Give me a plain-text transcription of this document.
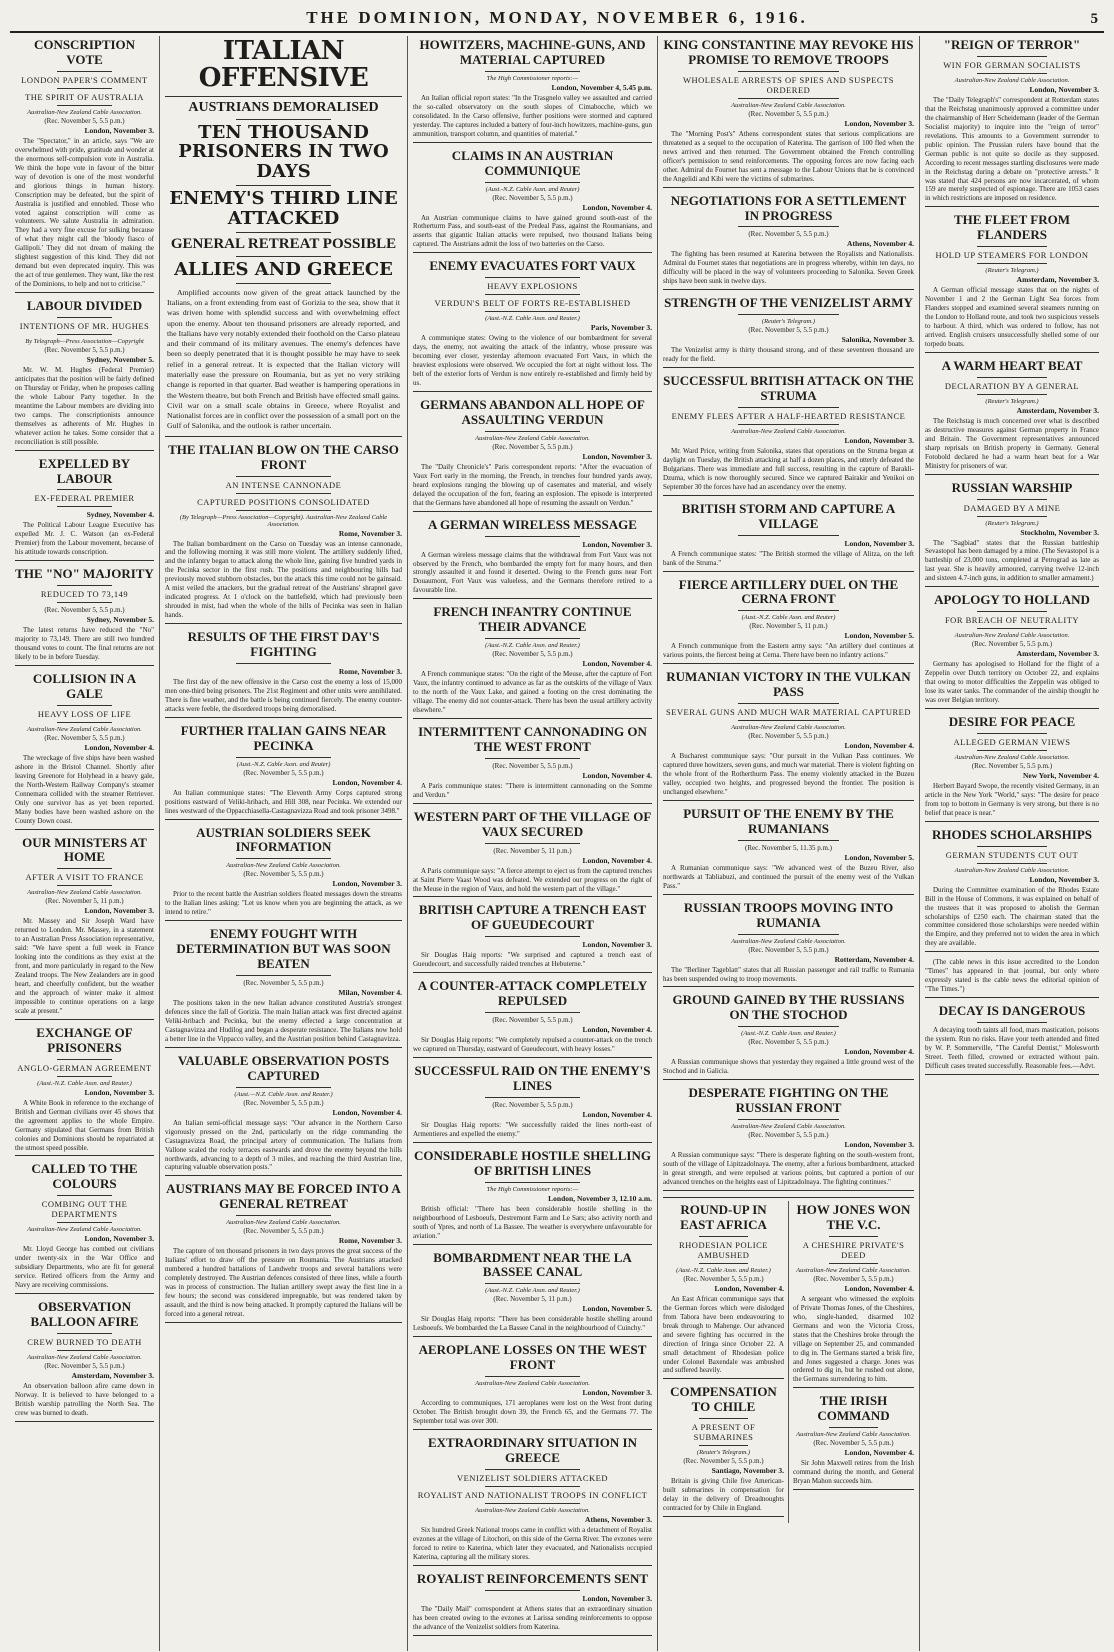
THE DOMINION, MONDAY, NOVEMBER 6, 1916.	5
CONSCRIPTION VOTE
LONDON PAPER'S COMMENT
THE SPIRIT OF AUSTRALIA
Australian-New Zealand Cable Association.
(Rec. November 5, 5.5 p.m.)
London, November 3.
The "Spectator," in an article, says "We are overwhelmed with pride, gratitude and wonder at the enormous self-compulsion vote in Australia. We think the hope vote in favour of the bitter way of devotion is one of the most wonderful and glorious things in human history. Conscription may be defeated, but the spirit of Australia is justified and ennobled. Those who voted against conscription will come as volunteers. We salute Australia in admiration. They had a very fine excuse for sulking because of what they might call the 'bloody fiasco of Gallipoli.' They did not dream of making the slightest suggestion of this kind. They did not demand but even deprecated inquiry. This was the act of true gentlemen. They want, like the rest of the Dominions, to help and not to criticise."
LABOUR DIVIDED
INTENTIONS OF MR. HUGHES
By Telegraph—Press Association—Copyright
(Rec. November 5, 5.5 p.m.)
Sydney, November 5.
Mr. W. M. Hughes (Federal Premier) anticipates that the position will be fairly defined on Thursday or Friday, when he proposes calling the whole Labour Party together. In the meantime the Labour members are dividing into two camps. The conscriptionists announce themselves as adherents of Mr. Hughes in whatever action he takes. Some consider that a reconciliation is still possible.
EXPELLED BY LABOUR
EX-FEDERAL PREMIER
Sydney, November 4.
The Political Labour League Executive has expelled Mr. J. C. Watson (an ex-Federal Premier) from the Labour movement, because of his attitude towards conscription.
THE "NO" MAJORITY
REDUCED TO 73,149
(Rec. November 5, 5.5 p.m.)
Sydney, November 5.
The latest returns have reduced the "No" majority to 73,149. There are still two hundred thousand votes to count. The final returns are not likely to be in before Tuesday.
COLLISION IN A GALE
HEAVY LOSS OF LIFE
Australian-New Zealand Cable Association.
(Rec. November 5, 5.5 p.m.)
London, November 4.
The wreckage of five ships have been washed ashore in the Bristol Channel. Shortly after leaving Greenore for Holyhead in a heavy gale, the North-Western Railway Company's steamer Connemara collided with the steamer Retriever. Only one survivor has as yet been reported. Many bodies have been washed ashore on the County Down coast.
OUR MINISTERS AT HOME
AFTER A VISIT TO FRANCE
Australian-New Zealand Cable Association.
(Rec. November 5, 11 p.m.)
London, November 3.
Mr. Massey and Sir Joseph Ward have returned to London. Mr. Massey, in a statement to an Australian Press Association representative, said: "We have spent a full week in France looking into the conditions as they exist at the front, and more particularly in regard to the New Zealand troops. The New Zealanders are in good heart, and cheerfully confident, but the weather and the approach of winter make it almost impossible to continue operations on a large scale at present."
EXCHANGE OF PRISONERS
ANGLO-GERMAN AGREEMENT
(Aust.-N.Z. Cable Assn. and Reuter.)
London, November 3.
A White Book in reference to the exchange of British and German civilians over 45 shows that the agreement applies to the whole Empire. Germany stipulated that Germans from British colonies and Dominions should be repatriated at the utmost speed possible.
CALLED TO THE COLOURS
COMBING OUT THE DEPARTMENTS
Australian-New Zealand Cable Association.
London, November 3.
Mr. Lloyd George has combed out civilians under twenty-six in the War Office and subsidiary Departments, who are fit for general service. Retired officers from the Army and Navy are receiving commissions.
OBSERVATION BALLOON AFIRE
CREW BURNED TO DEATH
Australian-New Zealand Cable Association.
(Rec. November 5, 5.5 p.m.)
Amsterdam, November 3.
An observation balloon afire came down in Norway. It is believed to have belonged to a British warship patrolling the North Sea. The crew was burned to death.
ITALIAN OFFENSIVE
AUSTRIANS DEMORALISED
TEN THOUSAND PRISONERS IN TWO DAYS
ENEMY'S THIRD LINE ATTACKED
GENERAL RETREAT POSSIBLE
ALLIES AND GREECE
Amplified accounts now given of the great attack launched by the Italians, on a front extending from east of Gorizia to the sea, show that it was driven home with splendid success and with overwhelming effect upon the enemy. About ten thousand prisoners are already reported, and the Italians have very notably extended their foothold on the Carso plateau and their command of its military avenues. The enemy's defences have been so deeply penetrated that it is thought possible he may have to seek relief in a general retreat. It is expected that the Italian victory will materially ease the pressure on Roumania, but as yet no very striking change is reported in that quarter. Bad weather is hampering operations in the Western theatre, but both French and British have effected small gains. Civil war on a small scale obtains in Greece, where Royalist and Nationalist forces are in conflict over the possession of a small port on the Gulf of Salonika, and the outlook is rather uncertain.
THE ITALIAN BLOW ON THE CARSO FRONT
AN INTENSE CANNONADE
CAPTURED POSITIONS CONSOLIDATED
(By Telegraph—Press Association—Copyright). Australian-New Zealand Cable Association.
Rome, November 3.
The Italian bombardment on the Carso on Tuesday was an intense cannonade, and the following morning it was still more violent. The artillery suddenly lifted, and the infantry began to attack along the whole line, gaining five hundred yards in the Pecinka sector in the first rush. The positions and neighbouring hills had previously moved stubborn obstacles, but the attack this time could not be gainsaid. A mist veiled the attackers, but the gradual retreat of the Austrians' shrapnel gave indicated progress. At 1 o'clock on the battlefield, which had previously been shrouded in mist, had when the whole of the hills of Pecinka was seen in Italian hands.
RESULTS OF THE FIRST DAY'S FIGHTING
Rome, November 3.
The first day of the new offensive in the Carso cost the enemy a loss of 15,000 men one-third being prisoners. The 21st Regiment and other units were annihilated. There is fine weather, and the battle is being continued fiercely. The enemy counter-attacks were feeble, the disordered troops being demoralised.
FURTHER ITALIAN GAINS NEAR PECINKA
(Aust.-N.Z. Cable Assn. and Reuter)
(Rec. November 5, 5.5 p.m.)
London, November 4.
An Italian communique states: "The Eleventh Army Corps captured strong positions eastward of Veliki-hribach, and Hill 308, near Pecinka. We extended our lines westward of the Oppacchiasella-Castagnavizza Road and took prisoner 3498."
AUSTRIAN SOLDIERS SEEK INFORMATION
Australian-New Zealand Cable Association.
(Rec. November 5, 5.5 p.m.)
London, November 3.
Prior to the recent battle the Austrian soldiers floated messages down the streams to the Italian lines asking: "Let us know when you are beginning the attack, as we intend to retire."
ENEMY FOUGHT WITH DETERMINATION BUT WAS SOON BEATEN
(Rec. November 5, 5.5 p.m.)
Milan, November 4.
The positions taken in the new Italian advance constituted Austria's strongest defences since the fall of Gorizia. The main Italian attack was first directed against Veliki-hribach and Pecinka, but the enemy effected a large concentration at Castagnavizza and Hudilog and began a desperate resistance. The Italians now hold a better line in the Vippacco valley, and the Austrian position behind Castagnavizza.
VALUABLE OBSERVATION POSTS CAPTURED
(Aust.—N.Z. Cable Assn. and Reuter.)
(Rec. November 5, 5.5 p.m.)
London, November 4.
An Italian semi-official message says: "Our advance in the Northern Carso vigorously pressed on the 2nd, particularly on the ridge commanding the Castagnavizza Road, the principal artery of communication. The Italians from Vallone scaled the rocky terraces eastwards and drove the enemy beyond the hills northwards, advancing to a depth of 3 miles, and reaching the third Austrian line, capturing valuable observation posts."
AUSTRIANS MAY BE FORCED INTO A GENERAL RETREAT
Australian-New Zealand Cable Association.
(Rec. November 5, 5.5 p.m.)
Rome, November 3.
The capture of ten thousand prisoners in two days proves the great success of the Italians' effort to draw off the pressure on Roumania. The Austrians attacked numbered a hundred battalions of Landwehr troops and several battalions were completely destroyed. The Austrian defences consisted of three lines, while a fourth was in process of construction. The Italian artillery swept away the first line in a few hours; the second was considered impregnable, but was rendered taken by assault, and the third is now being attacked. It promptly captured the Italians will be forced into a general retreat.
HOWITZERS, MACHINE-GUNS, AND MATERIAL CAPTURED
The High Commissioner reports:—
London, November 4, 5.45 p.m.
An Italian official report states: "In the Trasgnelo valley we assaulted and carried the so-called observatory on the south slopes of Cimabocche, which we consolidated. In the Carso offensive, further positions were stormed and captured yesterday. The captures included a battery of four-inch howitzers, machine-guns, gun ammunition, transport column, and quantities of material."
CLAIMS IN AN AUSTRIAN COMMUNIQUE
(Aust.-N.Z. Cable Assn. and Reuter)
(Rec. November 5, 5.5 p.m.)
London, November 4.
An Austrian communique claims to have gained ground south-east of the Rotherturm Pass, and south-east of the Predeal Pass, against the Roumanians, and asserts that gigantic Italian attacks were repulsed, two thousand Italians being captured. The Austrians admit the loss of two batteries on the Carso.
ENEMY EVACUATES FORT VAUX
HEAVY EXPLOSIONS
VERDUN'S BELT OF FORTS RE-ESTABLISHED
(Aust.-N.Z. Cable Assn. and Reuter.)
Paris, November 3.
A communique states: Owing to the violence of our bombardment for several days, the enemy, not awaiting the attack of the infantry, whose pressure was becoming ever closer, yesterday afternoon evacuated Fort Vaux, in which the heaviest explosions were observed. We occupied the fort at night without loss. The belt of the exterior forts of Verdun is now entirely re-established and firmly held by us.
GERMANS ABANDON ALL HOPE OF ASSAULTING VERDUN
Australian-New Zealand Cable Association.
(Rec. November 5, 5.5 p.m.)
London, November 3.
The "Daily Chronicle's" Paris correspondent reports: "After the evacuation of Vaux Fort early in the morning, the French, in trenches four hundred yards away, heard explosions ranging the blowing up of casemates and material, and wisely delayed the occupation of the fort, fearing an explosion. The episode is interpreted that the Germans have abandoned all hope of resuming the assault on Verdun."
A GERMAN WIRELESS MESSAGE
London, November 3.
A German wireless message claims that the withdrawal from Fort Vaux was not observed by the French, who bombarded the empty fort for many hours, and then strongly assaulted it and found it deserted. Owing to the French guns near Fort Douaumont, Fort Vaux was valueless, and the Germans therefore retired to a favourable line.
FRENCH INFANTRY CONTINUE THEIR ADVANCE
(Aust.-N.Z. Cable Assn. and Reuter.)
(Rec. November 5, 5.5 p.m.)
London, November 4.
A French communique states: "On the right of the Meuse, after the capture of Fort Vaux, the infantry continued to advance as far as the outskirts of the village of Vaux to the north of the Vaux Lake, and gained a footing on the crest dominating the village. The enemy did not counter-attack. There has been the usual artillery activity elsewhere."
INTERMITTENT CANNONADING ON THE WEST FRONT
(Rec. November 5, 5.5 p.m.)
London, November 4.
A Paris communique states: "There is intermittent cannonading on the Somme and Verdun."
WESTERN PART OF THE VILLAGE OF VAUX SECURED
(Rec. November 5, 11 p.m.)
London, November 4.
A Paris communique says: "A fierce attempt to eject us from the captured trenches at Saint Pierre Vaast Wood was defeated. We extended our progress on the right of the Meuse in the region of Vaux, and hold the western part of the village."
BRITISH CAPTURE A TRENCH EAST OF GUEUDECOURT
London, November 3.
Sir Douglas Haig reports: "We surprised and captured a trench east of Gueudecourt, and successfully raided trenches at Hebuterne."
A COUNTER-ATTACK COMPLETELY REPULSED
(Rec. November 5, 5.5 p.m.)
London, November 4.
Sir Douglas Haig reports: "We completely repulsed a counter-attack on the trench we captured on Thursday, eastward of Gueudecourt, with heavy losses."
SUCCESSFUL RAID ON THE ENEMY'S LINES
(Rec. November 5, 5.5 p.m.)
London, November 4.
Sir Douglas Haig reports: "We successfully raided the lines north-east of Armentieres and expelled the enemy."
CONSIDERABLE HOSTILE SHELLING OF BRITISH LINES
The High Commissioner reports:—
London, November 3, 12.10 a.m.
British official: "There has been considerable hostile shelling in the neighbourhood of Lesboeufs, Destremont Farm and Le Sars; also activity north and south of Ypres, and north of La Bassee. The weather is everywhere unfavourable for aviation."
BOMBARDMENT NEAR THE LA BASSEE CANAL
(Aust.-N.Z. Cable Assn. and Reuter.)
(Rec. November 5, 11 p.m.)
London, November 5.
Sir Douglas Haig reports: "There has been considerable hostile shelling around Lesboeufs. We bombarded the La Bassee Canal in the neighbourhood of Cuinchy."
AEROPLANE LOSSES ON THE WEST FRONT
Australian-New Zealand Cable Association.
London, November 3.
According to communiques, 171 aeroplanes were lost on the West front during October. The British brought down 39, the French 65, and the Germans 77. The September total was over 300.
EXTRAORDINARY SITUATION IN GREECE
VENIZELIST SOLDIERS ATTACKED
ROYALIST AND NATIONALIST TROOPS IN CONFLICT
Australian-New Zealand Cable Association.
Athens, November 3.
Six hundred Greek National troops came in conflict with a detachment of Royalist evzones at the village of Litochori, on this side of the Gerna River. The evzones were forced to retire to Katerina, which later they evacuated, and Nationalists occupied Katerina, capturing all the military stores.
ROYALIST REINFORCEMENTS SENT
London, November 3.
The "Daily Mail" correspondent at Athens states that an extraordinary situation has been created owing to the evzones at Larissa sending reinforcements to oppose the advance of the Venizelist soldiers from Katerina.
KING CONSTANTINE MAY REVOKE HIS PROMISE TO REMOVE TROOPS
WHOLESALE ARRESTS OF SPIES AND SUSPECTS ORDERED
Australian-New Zealand Cable Association.
(Rec. November 5, 5.5 p.m.)
London, November 3.
The "Morning Post's" Athens correspondent states that serious complications are threatened as a sequel to the occupation of Katerina. The garrison of 100 fled when the news arrived and then returned. The Government obtained the French controlling officer's permission to send reinforcements. The opposing forces are now facing each other. Admiral du Fournet has sent a message to the Labour Unions that he is convinced the Angelidi and Kibi were the victims of submarines.
NEGOTIATIONS FOR A SETTLEMENT IN PROGRESS
(Rec. November 5, 5.5 p.m.)
Athens, November 4.
The fighting has been resumed at Katerina between the Royalists and Nationalists. Admiral du Fournet states that negotiations are in progress whereby, within ten days, no difficulty will be placed in the way of volunteers proceeding to Salonika. Seven Greek ships have been sunk in twelve days.
STRENGTH OF THE VENIZELIST ARMY
(Reuter's Telegram.)
(Rec. November 5, 5.5 p.m.)
Salonika, November 3.
The Venizelist army is thirty thousand strong, and of these seventeen thousand are ready for the field.
SUCCESSFUL BRITISH ATTACK ON THE STRUMA
ENEMY FLEES AFTER A HALF-HEARTED RESISTANCE
Australian-New Zealand Cable Association.
London, November 3.
Mr. Ward Price, writing from Salonika, states that operations on the Struma began at daylight on Tuesday, the British attacking at half a dozen places, and utterly defeated the Bulgarians. There was immediate and full success, resulting in the capture of Barakli-Dzuma, which is now thoroughly secured. Since we captured Bairakir and Yenikoi on September 30 the forces have had an ascendancy over the enemy.
BRITISH STORM AND CAPTURE A VILLAGE
London, November 3.
A French communique states: "The British stormed the village of Alitza, on the left bank of the Struma."
FIERCE ARTILLERY DUEL ON THE CERNA FRONT
(Aust.-N.Z. Cable Assn. and Reuter)
(Rec. November 5, 11 p.m.)
London, November 5.
A French communique from the Eastern army says: "An artillery duel continues at various points, the fiercest being at Cerna. There have been no infantry actions."
RUMANIAN VICTORY IN THE VULKAN PASS
SEVERAL GUNS AND MUCH WAR MATERIAL CAPTURED
Australian-New Zealand Cable Association.
(Rec. November 5, 5.5 p.m.)
London, November 4.
A Bucharest communique says: "Our pursuit in the Vulkan Pass continues. We captured three howitzers, seven guns, and much war material. There is violent fighting on the whole front of the Rotherthurm Pass. The enemy violently attacked in the Buzeu valley, occupied two heights, and progressed beyond the frontier. The position is unchanged elsewhere."
PURSUIT OF THE ENEMY BY THE RUMANIANS
(Rec. November 5, 11.35 p.m.)
London, November 5.
A Rumanian communique says: "We advanced west of the Buzeu River, also northwards at Tabliabuzi, and continued the pursuit of the enemy west of the Vulkan Pass."
RUSSIAN TROOPS MOVING INTO RUMANIA
Australian-New Zealand Cable Association.
(Rec. November 5, 5.5 p.m.)
Rotterdam, November 4.
The "Berliner Tageblatt" states that all Russian passenger and rail traffic to Rumania has been suspended owing to troop movements.
GROUND GAINED BY THE RUSSIANS ON THE STOCHOD
(Aust.-N.Z. Cable Assn. and Reuter.)
(Rec. November 5, 5.5 p.m.)
London, November 4.
A Russian communique shows that yesterday they regained a little ground west of the Stochod and in Galicia.
DESPERATE FIGHTING ON THE RUSSIAN FRONT
Australian-New Zealand Cable Association.
(Rec. November 5, 5.5 p.m.)
London, November 3.
A Russian communique says: "There is desperate fighting on the south-western front, south of the village of Lipitzadolnaya. The enemy, after a furious bombardment, attacked in great strength, and were repulsed at various points, but captured a portion of our advanced trenches on the heights east of Lipitzadolnaya. The fighting continues."
ROUND-UP IN EAST AFRICA
RHODESIAN POLICE AMBUSHED
(Aust.-N.Z. Cable Assn. and Reuter.)
(Rec. November 5, 5.5 p.m.)
London, November 4.
An East African communique says that the German forces which were dislodged from Tabora have been endeavouring to break through to Mahenge. Our advanced and severe fighting has occurred in the direction of Iringa since October 22. A small detachment of Rhodesian police under Colonel Baxendale was ambushed and suffered heavily.
COMPENSATION TO CHILE
A PRESENT OF SUBMARINES
(Reuter's Telegram.)
(Rec. November 5, 5.5 p.m.)
Santiago, November 3.
Britain is giving Chile five American-built submarines in compensation for delay in the delivery of Dreadnoughts contracted for by Chile in England.
HOW JONES WON THE V.C.
A CHESHIRE PRIVATE'S DEED
Australian-New Zealand Cable Association.
(Rec. November 5, 5.5 p.m.)
London, November 4.
A sergeant who witnessed the exploits of Private Thomas Jones, of the Cheshires, who, single-handed, disarmed 102 Germans and won the Victoria Cross, states that the Cheshires broke through the village on September 25, and commanded to dig in. The Germans started a brisk fire, and Jones suggested a charge. Jones was ordered to dig in, but he rushed out alone, the Germans surrendering to him.
THE IRISH COMMAND
Australian-New Zealand Cable Association.
(Rec. November 5, 5.5 p.m.)
London, November 4.
Sir John Maxwell retires from the Irish command during the month, and General Bryan Mahon succeeds him.
"REIGN OF TERROR"
WIN FOR GERMAN SOCIALISTS
Australian-New Zealand Cable Association.
London, November 3.
The "Daily Telegraph's" correspondent at Rotterdam states that the Reichstag unanimously approved a committee under the chairmanship of Herr Scheidemann (leader of the German Socialist majority) to inquire into the "reign of terror" revelations. This amounts to a Government surrender to public opinion. The Prussian rulers have bound that the German public is not quite so docile as they supposed. According to recent messages startling disclosures were made in the Reichstag during a debate on "protective arrests." It was stated that 424 persons are now incarcerated, of whom 159 are merely suspected of espionage. There are 1053 cases in which restrictions are imposed on residence.
THE FLEET FROM FLANDERS
HOLD UP STEAMERS FOR LONDON
(Reuter's Telegram.)
Amsterdam, November 3.
A German official message states that on the nights of November 1 and 2 the German Light Sea forces from Flanders stopped and examined several steamers running on the London to Holland route, and took two suspicious vessels to harbour. A third, which was ordered to follow, has not arrived. English cruisers unsuccessfully shelled some of our torpedo boats.
A WARM HEART BEAT
DECLARATION BY A GENERAL
(Reuter's Telegram.)
Amsterdam, November 3.
The Reichstag is much concerned over what is described as destructive measures against German property in France and Britain. The Government representatives announced sharp reprisals on British property in Germany. General Fotobold declared he had a warm heart beat for a War Ministry for prisoners of war.
RUSSIAN WARSHIP
DAMAGED BY A MINE
(Reuter's Telegram.)
Stockholm, November 3.
The "Sagbiad" states that the Russian battleship Sevastopol has been damaged by a mine. (The Sevastopol is a battleship of 23,000 tons, completed at Petrograd as late as last year. She is heavily armoured, carrying twelve 12-inch and sixteen 4.7-inch guns, in addition to smaller armament.)
APOLOGY TO HOLLAND
FOR BREACH OF NEUTRALITY
Australian-New Zealand Cable Association.
(Rec. November 5, 5.5 p.m.)
Amsterdam, November 3.
Germany has apologised to Holland for the flight of a Zeppelin over Dutch territory on October 22, and explains that owing to motor difficulties the Zeppelin was obliged to lose its water tanks. The commander of the airship thought he was over Belgian territory.
DESIRE FOR PEACE
ALLEGED GERMAN VIEWS
Australian-New Zealand Cable Association.
(Rec. November 5, 5.5 p.m.)
New York, November 4.
Herbert Bayard Swope, the recently visited Germany, in an article in the New York "World," says: "The desire for peace from top to bottom in Germany is very strong, but there is no belief that peace is near."
RHODES SCHOLARSHIPS
GERMAN STUDENTS CUT OUT
Australian-New Zealand Cable Association.
London, November 3.
During the Committee examination of the Rhodes Estate Bill in the House of Commons, it was explained on behalf of the trustees that it was proposed to abolish the German scholarships of £250 each. The chairman stated that the committee considered those scholarships were needed within the Empire, and they preferred not to widen the area in which they are available.
(The cable news in this issue accredited to the London "Times" has appeared in that journal, but only where expressly stated is the cable news the editorial opinion of "The Times.")
DECAY IS DANGEROUS
A decaying tooth taints all food, mars mastication, poisons the system. Run no risks. Have your teeth attended and fitted by W. P. Sommerville, "The Careful Dentist," Molesworth Street. Teeth filled, crowned or extracted without pain. Difficult cases treated successfully. Reasonable fees.—Advt.
